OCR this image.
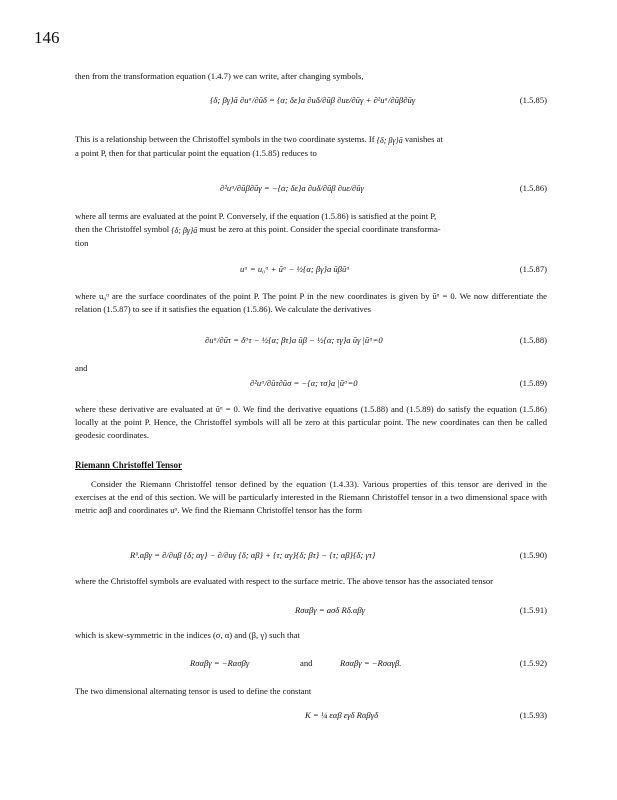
146

then from the transformation equation (1.4.7) we can write, after changing symbols,

{δ; βγ}ā ∂uᵅ/∂ūδ = {α; δε}a ∂uδ/∂ūβ ∂uε/∂ūγ + ∂²uᵅ/∂ūβ∂ūγ	(1.5.85)

This is a relationship between the Christoffel symbols in the two coordinate systems. If {δ; βγ}ā vanishes at
a point P, then for that particular point the equation (1.5.85) reduces to

∂²uᵅ/∂ūβ∂ūγ = −{α; δε}a ∂uδ/∂ūβ ∂uε/∂ūγ	(1.5.86)

where all terms are evaluated at the point P. Conversely, if the equation (1.5.86) is satisfied at the point P,
then the Christoffel symbol {δ; βγ}ā must be zero at this point. Consider the special coordinate transforma-
tion

uᵅ = u₀ᵅ + ūᵅ − ½{α; βγ}a ūβūᵅ	(1.5.87)

where u₀ᵅ are the surface coordinates of the point P. The point P in the new coordinates is given by ūᵅ = 0. We now differentiate the relation (1.5.87) to see if it satisfies the equation (1.5.86). We calculate the derivatives

∂uᵅ/∂ūτ = δᵅτ − ½{α; βτ}a ūβ − ½{α; τγ}a ūγ |ūᵅ=0	(1.5.88)

and

∂²uᵅ/∂ūτ∂ūσ = −{α; τσ}a |ūᵅ=0	(1.5.89)

where these derivative are evaluated at ūᵅ = 0. We find the derivative equations (1.5.88) and (1.5.89) do satisfy the equation (1.5.86) locally at the point P. Hence, the Christoffel symbols will all be zero at this particular point. The new coordinates can then be called geodesic coordinates.

Riemann Christoffel Tensor

Consider the Riemann Christoffel tensor defined by the equation (1.4.33). Various properties of this tensor are derived in the exercises at the end of this section. We will be particularly interested in the Riemann Christoffel tensor in a two dimensional space with metric aαβ and coordinates uᵅ. We find the Riemann Christoffel tensor has the form

Rᵟ.αβγ = ∂/∂uβ {δ; αγ} − ∂/∂uγ {δ; αβ} + {τ; αγ}{δ; βτ} − {τ; αβ}{δ; γτ}	(1.5.90)

where the Christoffel symbols are evaluated with respect to the surface metric. The above tensor has the associated tensor

Rσαβγ = aσδ Rδ.αβγ	(1.5.91)

which is skew-symmetric in the indices (σ, α) and (β, γ) such that

Rσαβγ = −Rασβγ	and	Rσαβγ = −Rσαγβ.	(1.5.92)

The two dimensional alternating tensor is used to define the constant

K = ¼ εαβ εγδ Rαβγδ	(1.5.93)
